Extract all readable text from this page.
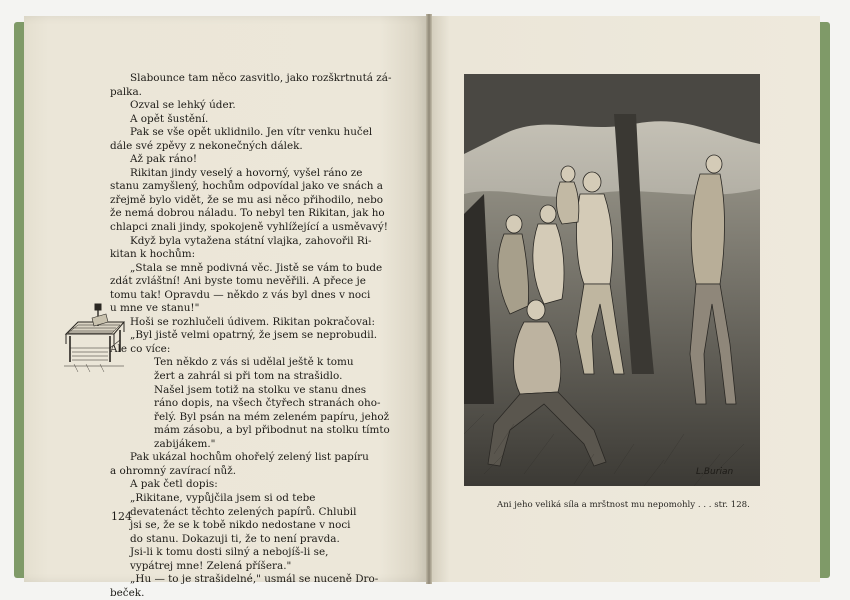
Slabounce tam něco zasvitlo, jako rozškrtnutá zá-
palka.
Ozval se lehký úder.
A opět šustění.
Pak se vše opět uklidnilo. Jen vítr venku hučel
dále své zpěvy z nekonečných dálek.
Až pak ráno!
Rikitan jindy veselý a hovorný, vyšel ráno ze
stanu zamyšlený, hochům odpovídal jako ve snách a
zřejmě bylo vidět, že se mu asi něco přihodilo, nebo
že nemá dobrou náladu. To nebyl ten Rikitan, jak ho
chlapci znali jindy, spokojeně vyhlížející a usměvavý!
Když byla vytažena státní vlajka, zahovořil Ri-
kitan k hochům:
„Stala se mně podivná věc. Jistě se vám to bude
zdát zvláštní! Ani byste tomu nevěřili. A přece je
tomu tak! Opravdu — někdo z vás byl dnes v noci
u mne ve stanu!"
Hoši se rozhlučeli údivem. Rikitan pokračoval:
„Byl jistě velmi opatrný, že jsem se neprobudil.
Ale co více:
Ten někdo z vás si udělal ještě k tomu
žert a zahrál si při tom na strašidlo.
Našel jsem totiž na stolku ve stanu dnes
ráno dopis, na všech čtyřech stranách oho-
řelý. Byl psán na mém zeleném papíru, jehož
mám zásobu, a byl přibodnut na stolku tímto
zabijákem."
Pak ukázal hochům ohořelý zelený list papíru
a ohromný zavírací nůž.
A pak četl dopis:
„Rikitane, vypůjčila jsem si od tebe
devatenáct těchto zelených papírů. Chlubil
jsi se, že se k tobě nikdo nedostane v noci
do stanu. Dokazuji ti, že to není pravda.
Jsi-li k tomu dosti silný a nebojíš-li se,
vypátrej mne! Zelená příšera."
„Hu — to je strašidelné," usmál se nuceně Dro-
beček.
124
L.Burian
Ani jeho veliká síla a mrštnost mu nepomohly . . . str. 128.
